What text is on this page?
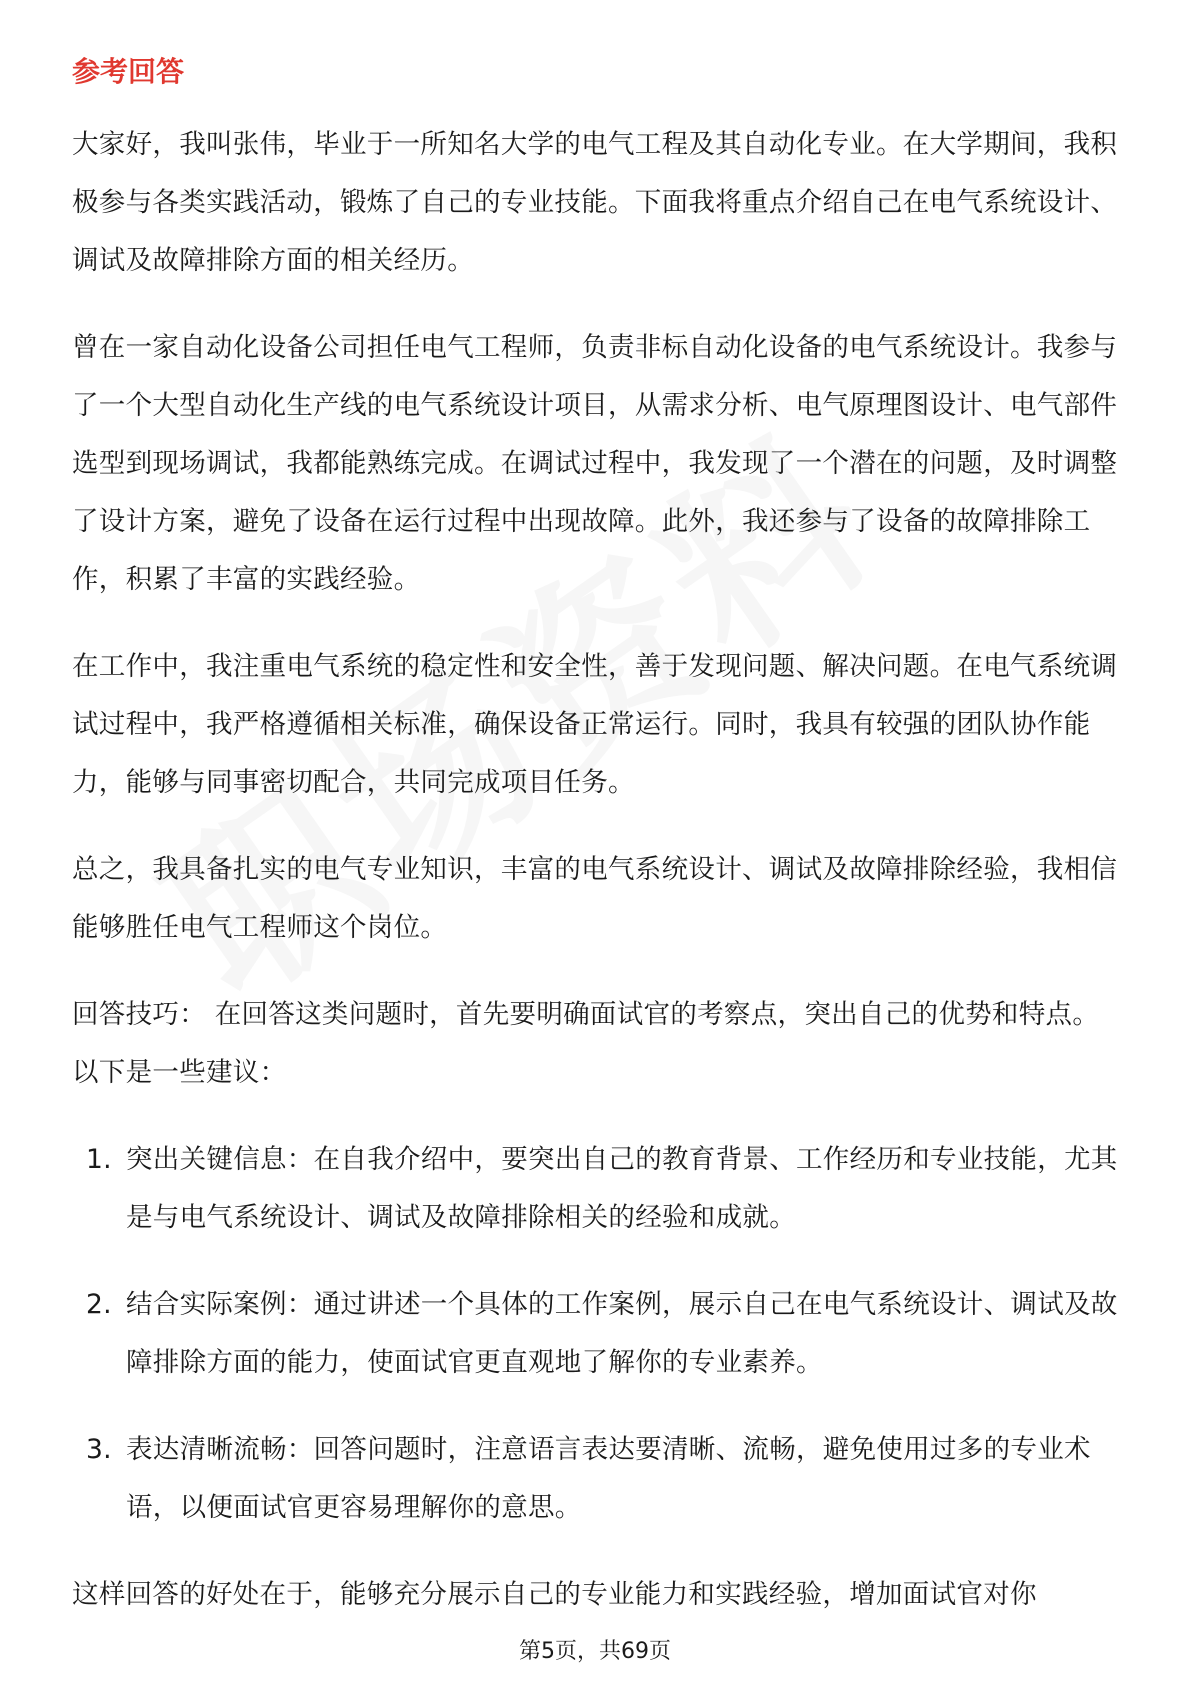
参考回答

大家好，我叫张伟，毕业于一所知名大学的电气工程及其自动化专业。在大学期间，我积极参与各类实践活动，锻炼了自己的专业技能。下面我将重点介绍自己在电气系统设计、调试及故障排除方面的相关经历。

曾在一家自动化设备公司担任电气工程师，负责非标自动化设备的电气系统设计。我参与了一个大型自动化生产线的电气系统设计项目，从需求分析、电气原理图设计、电气部件选型到现场调试，我都能熟练完成。在调试过程中，我发现了一个潜在的问题，及时调整了设计方案，避免了设备在运行过程中出现故障。此外，我还参与了设备的故障排除工作，积累了丰富的实践经验。

在工作中，我注重电气系统的稳定性和安全性，善于发现问题、解决问题。在电气系统调试过程中，我严格遵循相关标准，确保设备正常运行。同时，我具有较强的团队协作能力，能够与同事密切配合，共同完成项目任务。

总之，我具备扎实的电气专业知识，丰富的电气系统设计、调试及故障排除经验，我相信能够胜任电气工程师这个岗位。

回答技巧： 在回答这类问题时，首先要明确面试官的考察点，突出自己的优势和特点。以下是一些建议：

1. 突出关键信息：在自我介绍中，要突出自己的教育背景、工作经历和专业技能，尤其是与电气系统设计、调试及故障排除相关的经验和成就。
2. 结合实际案例：通过讲述一个具体的工作案例，展示自己在电气系统设计、调试及故障排除方面的能力，使面试官更直观地了解你的专业素养。
3. 表达清晰流畅：回答问题时，注意语言表达要清晰、流畅，避免使用过多的专业术语，以便面试官更容易理解你的意思。

这样回答的好处在于，能够充分展示自己的专业能力和实践经验，增加面试官对你

第5页，共69页
